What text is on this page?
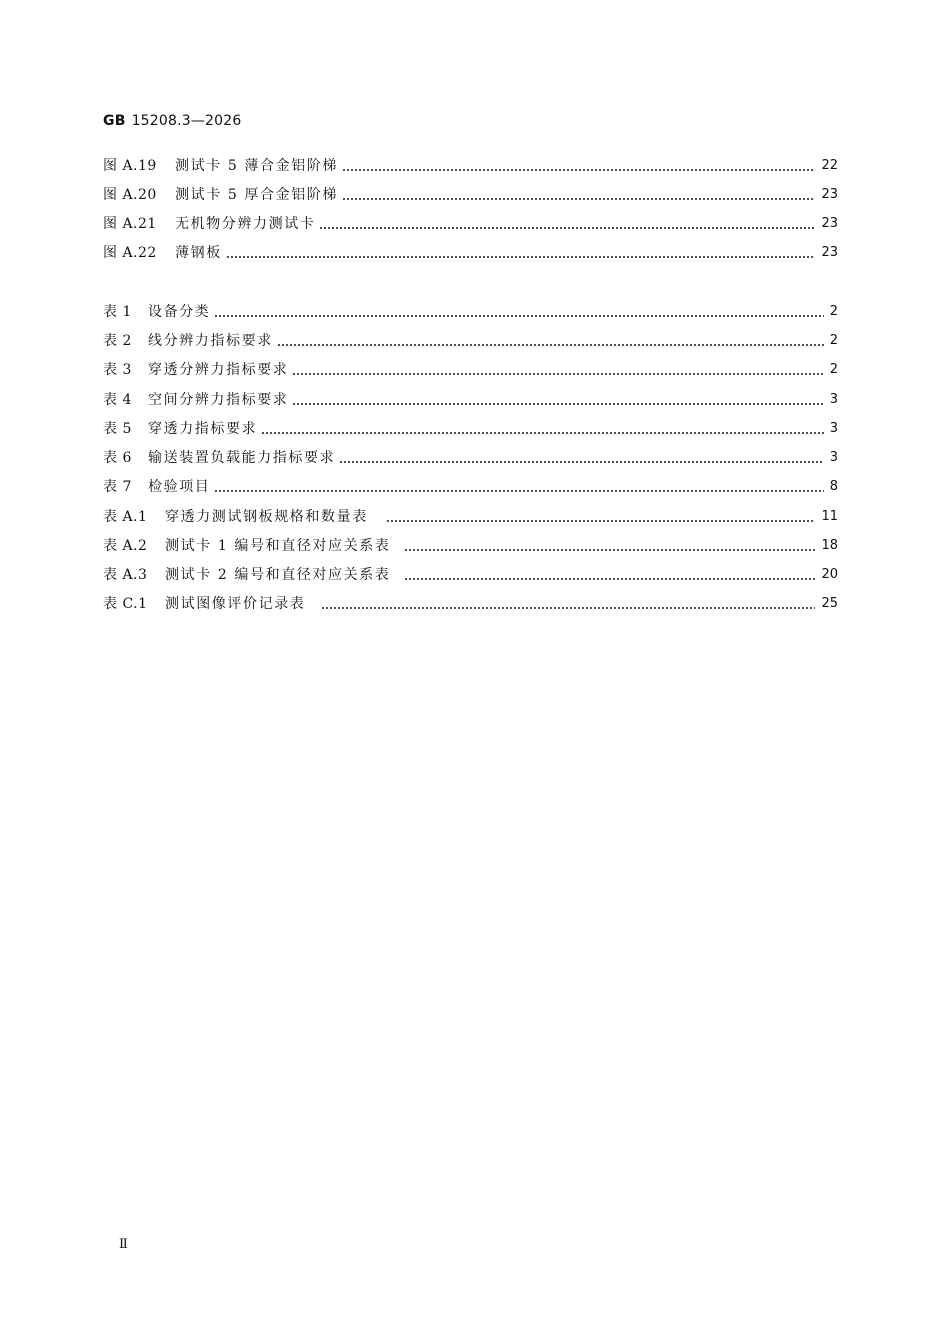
GB 15208.3—2026
图 A.19	测试卡 5 薄合金铝阶梯	22
图 A.20	测试卡 5 厚合金铝阶梯	23
图 A.21	无机物分辨力测试卡	23
图 A.22	薄钢板	23
表 1	设备分类	2
表 2	线分辨力指标要求	2
表 3	穿透分辨力指标要求	2
表 4	空间分辨力指标要求	3
表 5	穿透力指标要求	3
表 6	输送装置负载能力指标要求	3
表 7	检验项目	8
表 A.1	穿透力测试钢板规格和数量表	11
表 A.2	测试卡 1 编号和直径对应关系表	18
表 A.3	测试卡 2 编号和直径对应关系表	20
表 C.1	测试图像评价记录表	25
Ⅱ
